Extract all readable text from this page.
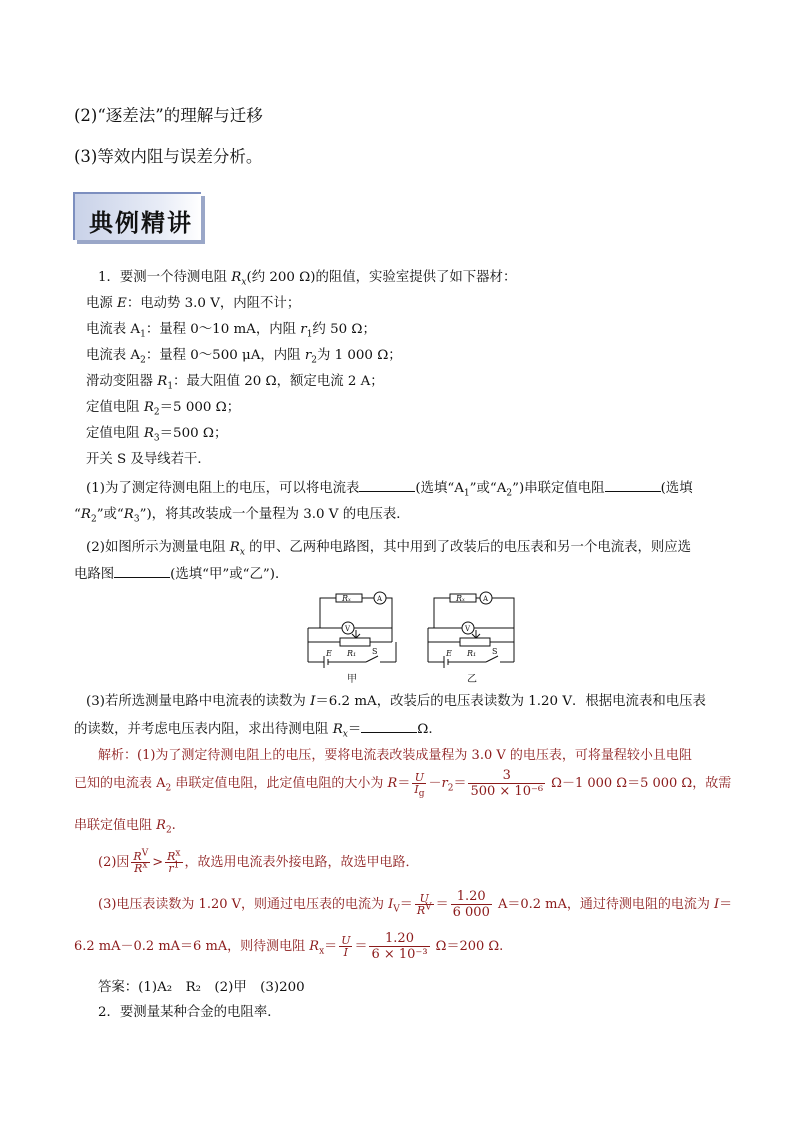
(2)“逐差法”的理解与迁移
(3)等效内阻与误差分析。
典例精讲
1．要测一个待测电阻 $R_x$(约 200 Ω)的阻值，实验室提供了如下器材：
电源 E：电动势 3.0 V，内阻不计；
电流表 $A_1$：量程 0～10 mA，内阻 $r_1$约 50 Ω；
电流表 $A_2$：量程 0～500 μA，内阻 $r_2$为 1 000 Ω；
滑动变阻器 $R_1$：最大阻值 20 Ω，额定电流 2 A；
定值电阻 $R_2=5$ 000 Ω；
定值电阻 $R_3=500$ Ω；
开关 S 及导线若干．
(1)为了测定待测电阻上的电压，可以将电流表	(选填“$A_1$”或“$A_2$”)串联定值电阻	(选填
“$R_2$”或“$R_3$”)，将其改装成一个量程为 3.0 V 的电压表．
(2)如图所示为测量电阻 $R_x$ 的甲、乙两种电路图，其中用到了改装后的电压表和另一个电流表，则应选
电路图	(选填“甲”或“乙”)．
Rₓ	A
V
R₁
E	S
Rₓ	A
V
R₁
E	S
甲	乙
(3)若所选测量电路中电流表的读数为 I＝6.2 mA，改装后的电压表读数为 1.20 V．根据电流表和电压表
的读数，并考虑电压表内阻，求出待测电阻 $R_x=$	Ω.
解析：(1)为了测定待测电阻上的电压，要将电流表改装成量程为 3.0 V 的电压表，可将量程较小且电阻
已知的电流表 $A_2$ 串联定值电阻，此定值电阻的大小为 $R= \frac{U}{I_g} -r_2= \frac{3}{\text{500 × 10⁻⁶}} \Omega-1$ 000 Ω＝5 000 Ω，故需
串联定值电阻 $R_2$.
(2)因 $\frac{R^V}{R^x} > \frac{R^x}{r^1}$ ，故选用电流表外接电路，故选甲电路．
(3)电压表读数为 1.20 V，则通过电压表的电流为 $I_V= \frac{U}{R^V} = \frac{1.20}{6 000} A=0.2$ mA，通过待测电阻的电流为 I＝
6.2 mA－0.2 mA＝6 mA，则待测电阻 $R_x= \frac{U}{I} = \frac{1.20}{\text{6 × 10⁻³}} \Omega=200$ Ω.
答案：(1)A₂　R₂　(2)甲　(3)200
2．要测量某种合金的电阻率．
